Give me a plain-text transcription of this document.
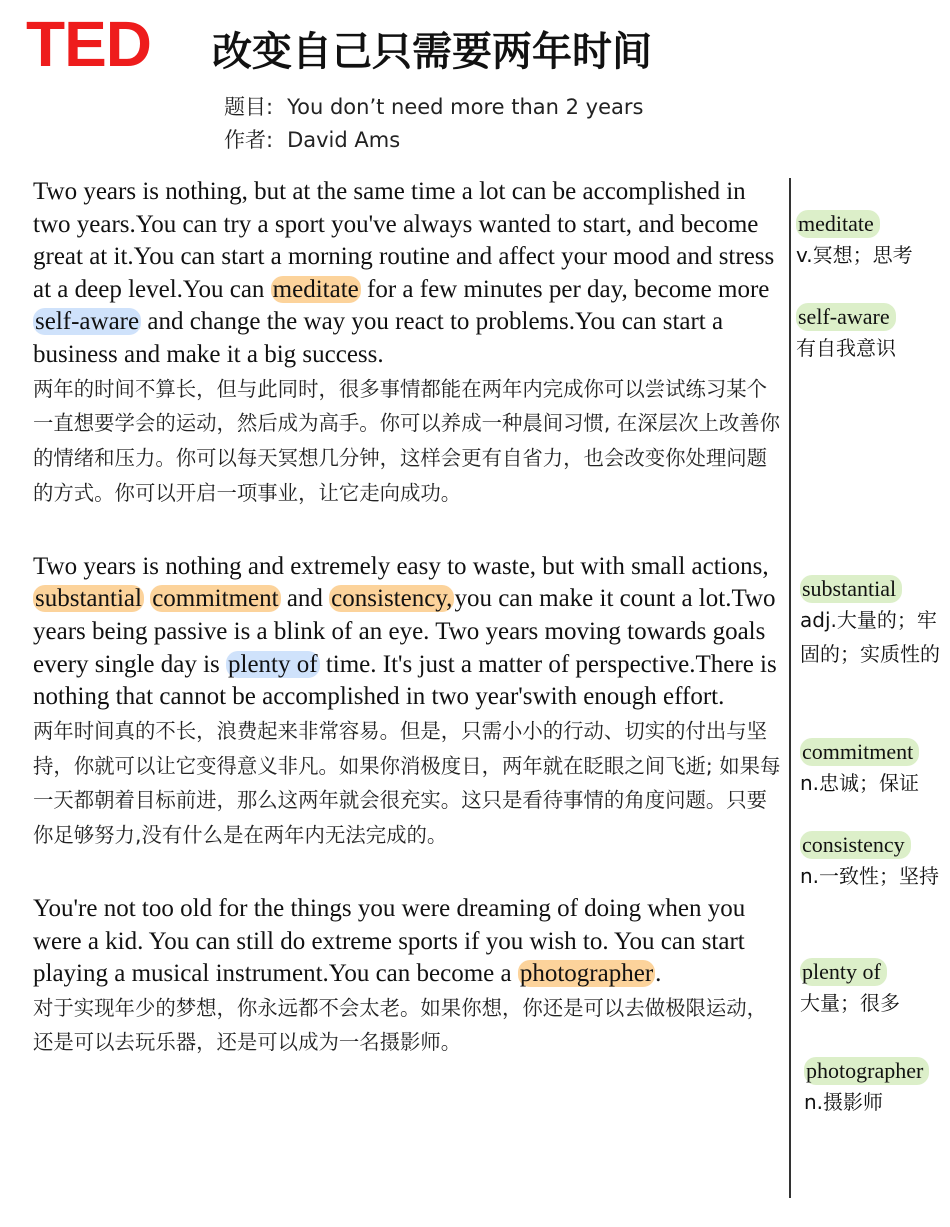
TED 改变自己只需要两年时间
题目: You don’t need more than 2 years
作者: David Ams

Two years is nothing, but at the same time a lot can be accomplished in two years.You can try a sport you've always wanted to start, and become great at it.You can start a morning routine and affect your mood and stress at a deep level.You can meditate for a few minutes per day, become more self-aware and change the way you react to problems.You can start a business and make it a big success.

两年的时间不算长，但与此同时，很多事情都能在两年内完成你可以尝试练习某个一直想要学会的运动，然后成为高手。你可以养成一种晨间习惯, 在深层次上改善你的情绪和压力。你可以每天冥想几分钟，这样会更有自省力，也会改变你处理问题的方式。你可以开启一项事业，让它走向成功。

Two years is nothing and extremely easy to waste, but with small actions, substantial commitment and consistency,you can make it count a lot.Two years being passive is a blink of an eye. Two years moving towards goals every single day is plenty of time. It's just a matter of perspective.There is nothing that cannot be accomplished in two year'swith enough effort.

两年时间真的不长，浪费起来非常容易。但是，只需小小的行动、切实的付出与坚持，你就可以让它变得意义非凡。如果你消极度日，两年就在眨眼之间飞逝; 如果每一天都朝着目标前进，那么这两年就会很充实。这只是看待事情的角度问题。只要你足够努力,没有什么是在两年内无法完成的。

You're not too old for the things you were dreaming of doing when you were a kid. You can still do extreme sports if you wish to. You can start playing a musical instrument.You can become a photographer.

对于实现年少的梦想，你永远都不会太老。如果你想，你还是可以去做极限运动，还是可以去玩乐器，还是可以成为一名摄影师。

meditate
v.冥想；思考
self-aware
有自我意识
substantial
adj.大量的；牢固的；实质性的
commitment
n.忠诚；保证
consistency
n.一致性；坚持
plenty of
大量；很多
photographer
n.摄影师
